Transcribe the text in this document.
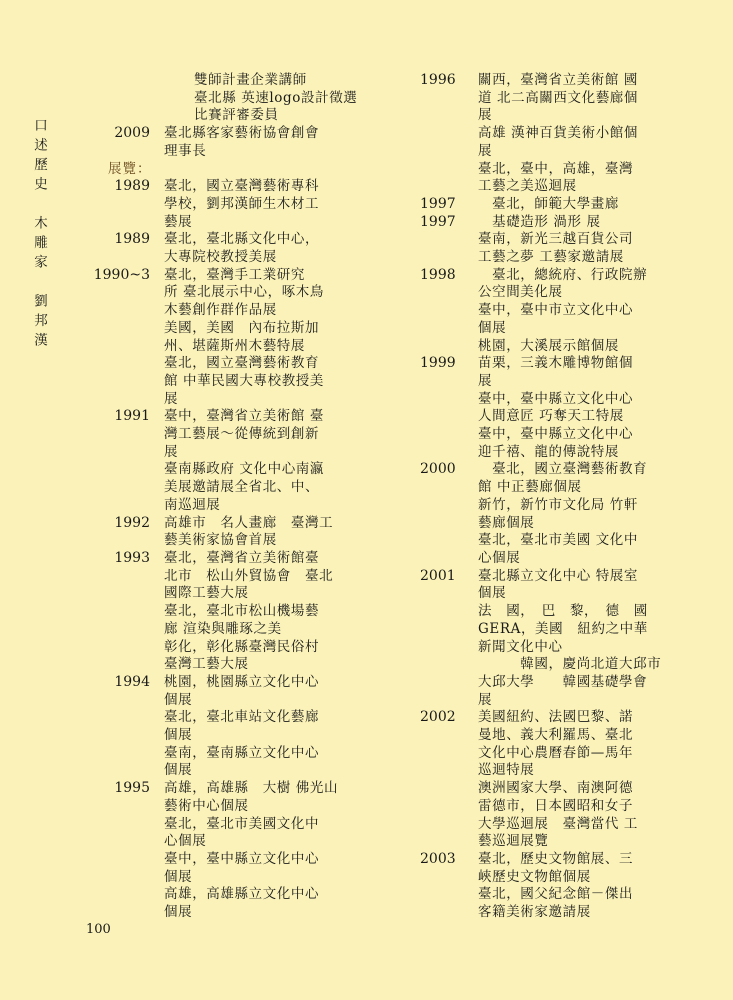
口述歷史　木雕家　劉邦漢
雙師計畫企業講師
臺北縣 英速logo設計徵選
比賽評審委員
2009 臺北縣客家藝術協會創會
理事長
展覽：
1989 臺北，國立臺灣藝術專科
學校，劉邦漢師生木材工
藝展
1989 臺北，臺北縣文化中心，
大專院校教授美展
1990~3 臺北，臺灣手工業研究
所 臺北展示中心，啄木鳥
木藝創作群作品展
美國，美國　內布拉斯加
州、堪薩斯州木藝特展
臺北，國立臺灣藝術教育
館 中華民國大專校教授美
展
1991 臺中，臺灣省立美術館 臺
灣工藝展～從傳統到創新
展
臺南縣政府 文化中心南瀛
美展邀請展全省北、中、
南巡迴展
1992 高雄市　名人畫廊　臺灣工
藝美術家協會首展
1993 臺北，臺灣省立美術館臺
北市　松山外貿協會　臺北
國際工藝大展
臺北，臺北市松山機場藝
廊 渲染與雕琢之美
彰化，彰化縣臺灣民俗村
臺灣工藝大展
1994 桃園，桃園縣立文化中心
個展
臺北，臺北車站文化藝廊
個展
臺南，臺南縣立文化中心
個展
1995 高雄，高雄縣　大樹 佛光山
藝術中心個展
臺北，臺北市美國文化中
心個展
臺中，臺中縣立文化中心
個展
高雄，高雄縣立文化中心
個展
1996	關西，臺灣省立美術館 國
道 北二高關西文化藝廊個
展
高雄 漢神百貨美術小館個
展
臺北，臺中，高雄，臺灣
工藝之美巡迴展
1997	　臺北，師範大學畫廊
1997	　基礎造形 渦形 展
臺南，新光三越百貨公司
工藝之夢 工藝家邀請展
1998	　臺北，總統府、行政院辦
公空間美化展
臺中，臺中市立文化中心
個展
桃園，大溪展示館個展
1999	苗栗，三義木雕博物館個
展
臺中，臺中縣立文化中心
人間意匠 巧奪天工特展
臺中，臺中縣立文化中心
迎千禧、龍的傳說特展
2000	　臺北，國立臺灣藝術教育
館 中正藝廊個展
新竹，新竹市文化局 竹軒
藝廊個展
臺北，臺北市美國 文化中
心個展
2001	臺北縣立文化中心 特展室
個展
法　國，　巴　黎，　德　國
GERA，美國　紐約之中華
新聞文化中心
　　　韓國，慶尚北道大邱市
大邱大學　　韓國基礎學會
展
2002	美國紐約、法國巴黎、諾
曼地、義大利羅馬、臺北
文化中心農曆春節—馬年
巡迴特展
澳洲國家大學、南澳阿德
雷德市，日本國昭和女子
大學巡迴展　臺灣當代 工
藝巡迴展覽
2003	臺北，歷史文物館展、三
峽歷史文物館個展
臺北，國父紀念館－傑出
客籍美術家邀請展
100
